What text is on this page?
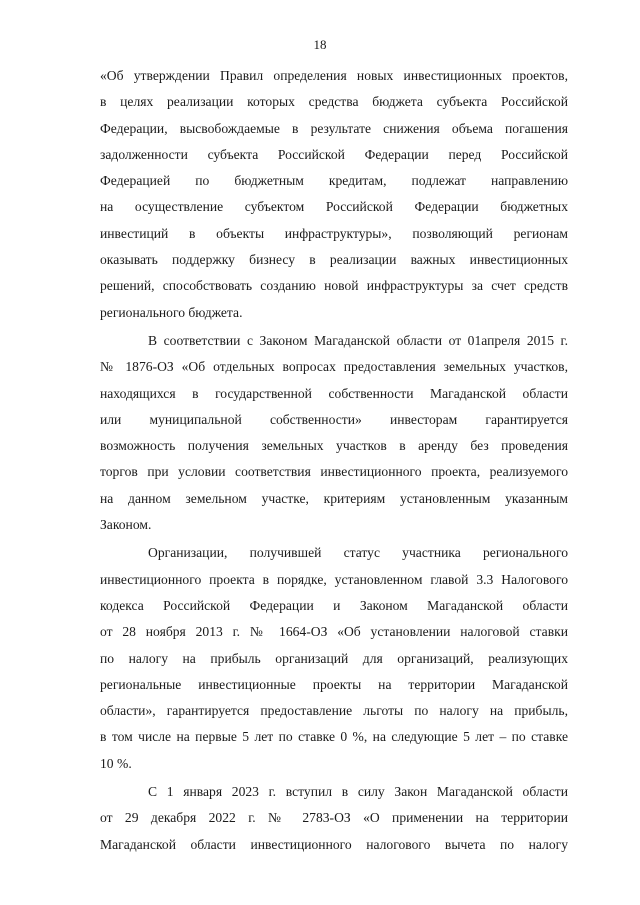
18
«Об утверждении Правил определения новых инвестиционных проектов,
в целях реализации которых средства бюджета субъекта Российской
Федерации, высвобождаемые в результате снижения объема погашения
задолженности субъекта Российской Федерации перед Российской
Федерацией по бюджетным кредитам, подлежат направлению
на осуществление субъектом Российской Федерации бюджетных
инвестиций в объекты инфраструктуры», позволяющий регионам
оказывать поддержку бизнесу в реализации важных инвестиционных
решений, способствовать созданию новой инфраструктуры за счет средств
регионального бюджета.
В соответствии с Законом Магаданской области от 01апреля 2015 г.
№ 1876-ОЗ «Об отдельных вопросах предоставления земельных участков,
находящихся в государственной собственности Магаданской области
или муниципальной собственности» инвесторам гарантируется
возможность получения земельных участков в аренду без проведения
торгов при условии соответствия инвестиционного проекта, реализуемого
на данном земельном участке, критериям установленным указанным
Законом.
Организации, получившей статус участника регионального
инвестиционного проекта в порядке, установленном главой 3.3 Налогового
кодекса Российской Федерации и Законом Магаданской области
от 28 ноября 2013 г. № 1664-ОЗ «Об установлении налоговой ставки
по налогу на прибыль организаций для организаций, реализующих
региональные инвестиционные проекты на территории Магаданской
области», гарантируется предоставление льготы по налогу на прибыль,
в том числе на первые 5 лет по ставке 0 %, на следующие 5 лет – по ставке
10 %.
С 1 января 2023 г. вступил в силу Закон Магаданской области
от 29 декабря 2022 г. № 2783-ОЗ «О применении на территории
Магаданской области инвестиционного налогового вычета по налогу
